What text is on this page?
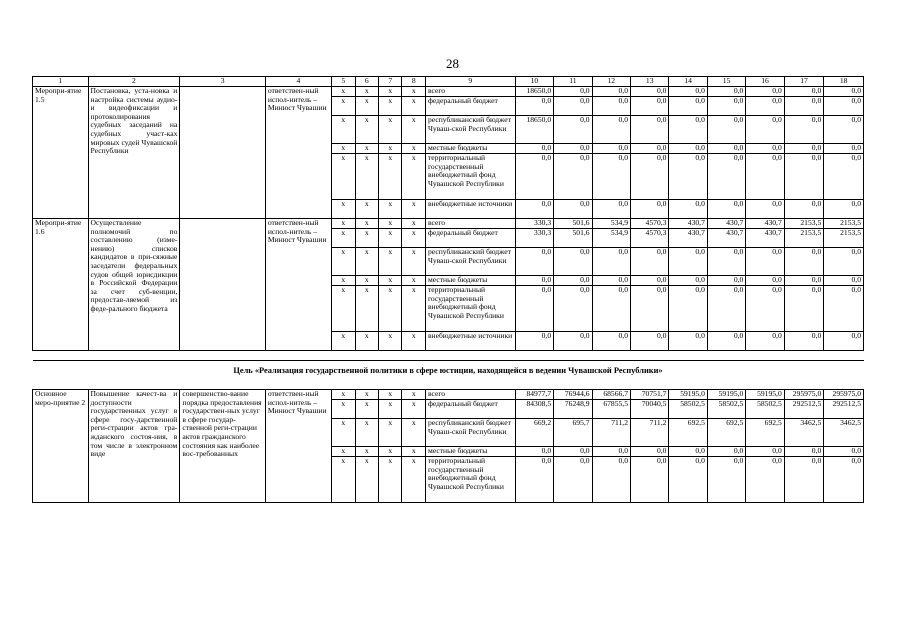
28
1	2	3	4	5	6	7	8	9	10	11	12	13	14	15	16	17	18
Меропри-ятие 1.5	Постановка, уста-новка и настройка системы аудио- и видеофиксации и протоколирования судебных заседаний на судебных участ-ках мировых судей Чувашской Республики		ответствен-ный испол-нитель – Минюст Чувашии	x	x	x	x	всего	18650,0	0,0	0,0	0,0	0,0	0,0	0,0	0,0	0,0
				x	x	x	x	федеральный бюджет	0,0	0,0	0,0	0,0	0,0	0,0	0,0	0,0	0,0
				x	x	x	x	республиканский бюджет Чуваш-ской Республики	18650,0	0,0	0,0	0,0	0,0	0,0	0,0	0,0	0,0
				x	x	x	x	местные бюджеты	0,0	0,0	0,0	0,0	0,0	0,0	0,0	0,0	0,0
				x	x	x	x	территориальный государственный внебюджетный фонд Чувашской Республики	0,0	0,0	0,0	0,0	0,0	0,0	0,0	0,0	0,0
				x	x	x	x	внебюджетные источники	0,0	0,0	0,0	0,0	0,0	0,0	0,0	0,0	0,0
Меропри-ятие 1.6	Осуществление полномочий по составлению (изме-нению) списков кандидатов в при-сяжные заседатели федеральных судов общей юрисдикции в Российской Федерации за счет суб-венции, предостав-ляемой из феде-рального бюджета		ответствен-ный испол-нитель – Минюст Чувашии	x	x	x	x	всего	330,3	501,6	534,9	4570,3	430,7	430,7	430,7	2153,5	2153,5
				x	x	x	x	федеральный бюджет	330,3	501,6	534,9	4570,3	430,7	430,7	430,7	2153,5	2153,5
				x	x	x	x	республиканский бюджет Чуваш-ской Республики	0,0	0,0	0,0	0,0	0,0	0,0	0,0	0,0	0,0
				x	x	x	x	местные бюджеты	0,0	0,0	0,0	0,0	0,0	0,0	0,0	0,0	0,0
				x	x	x	x	территориальный государственный внебюджетный фонд Чувашской Республики	0,0	0,0	0,0	0,0	0,0	0,0	0,0	0,0	0,0
				x	x	x	x	внебюджетные источники	0,0	0,0	0,0	0,0	0,0	0,0	0,0	0,0	0,0

Цель «Реализация государственной политики в сфере юстиции, находящейся в ведении Чувашской Республики»																	

Основное меро-приятие 2	Повышение качест-ва и доступности государственных услуг в сфере госу-дарственной реги-страции актов гра-жданского состоя-ния, в том числе в электронном виде	совершенство-вание порядка предоставления государствен-ных услуг в сфере государ-ственной реги-страции актов гражданского состояния как наиболее вос-требованных	ответствен-ный испол-нитель – Минюст Чувашии	x	x	x	x	всего	84977,7	76944,6	68566,7	70751,7	59195,0	59195,0	59195,0	295975,0	295975,0
				x	x	x	x	федеральный бюджет	84308,5	76248,9	67855,5	70040,5	58502,5	58502,5	58502,5	292512,5	292512,5
				x	x	x	x	республиканский бюджет Чуваш-ской Республики	669,2	695,7	711,2	711,2	692,5	692,5	692,5	3462,5	3462,5
				x	x	x	x	местные бюджеты	0,0	0,0	0,0	0,0	0,0	0,0	0,0	0,0	0,0
				x	x	x	x	территориальный государственный внебюджетный фонд Чувашской Республики	0,0	0,0	0,0	0,0	0,0	0,0	0,0	0,0	0,0
